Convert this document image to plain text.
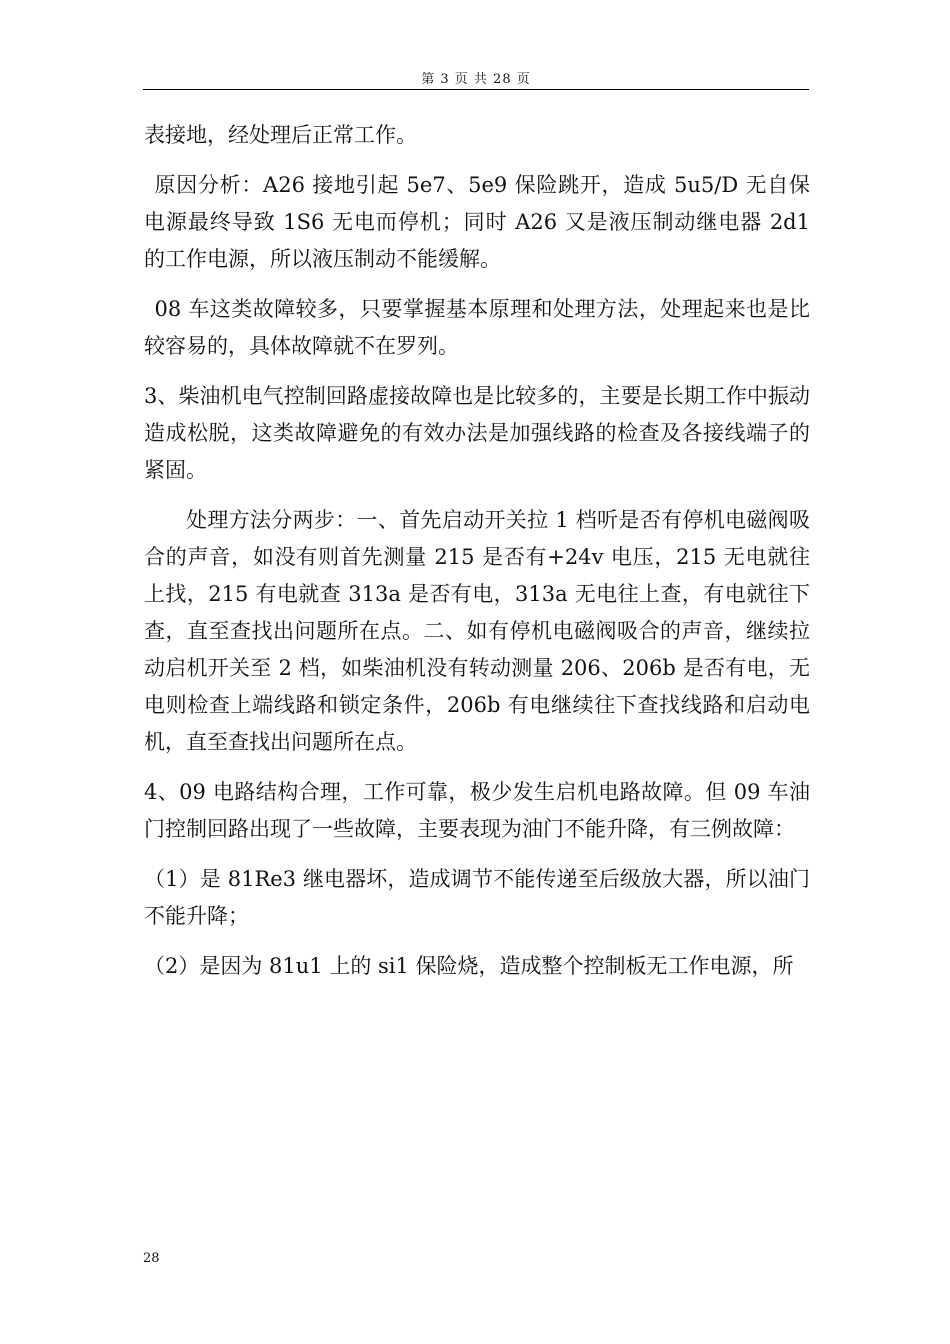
第 3 页 共 28 页

表接地，经处理后正常工作。

原因分析：A26 接地引起 5e7、5e9 保险跳开，造成 5u5/D 无自保电源最终导致 1S6 无电而停机；同时 A26 又是液压制动继电器 2d1 的工作电源，所以液压制动不能缓解。

08 车这类故障较多，只要掌握基本原理和处理方法，处理起来也是比较容易的，具体故障就不在罗列。

3、柴油机电气控制回路虚接故障也是比较多的，主要是长期工作中振动造成松脱，这类故障避免的有效办法是加强线路的检查及各接线端子的紧固。

处理方法分两步：一、首先启动开关拉 1 档听是否有停机电磁阀吸合的声音，如没有则首先测量 215 是否有+24v 电压，215 无电就往上找，215 有电就查 313a 是否有电，313a 无电往上查，有电就往下查，直至查找出问题所在点。二、如有停机电磁阀吸合的声音，继续拉动启机开关至 2 档，如柴油机没有转动测量 206、206b 是否有电，无电则检查上端线路和锁定条件，206b 有电继续往下查找线路和启动电机，直至查找出问题所在点。

4、09 电路结构合理，工作可靠，极少发生启机电路故障。但 09 车油门控制回路出现了一些故障，主要表现为油门不能升降，有三例故障：

（1）是 81Re3 继电器坏，造成调节不能传递至后级放大器，所以油门不能升降；

（2）是因为 81u1 上的 si1 保险烧，造成整个控制板无工作电源，所

28
